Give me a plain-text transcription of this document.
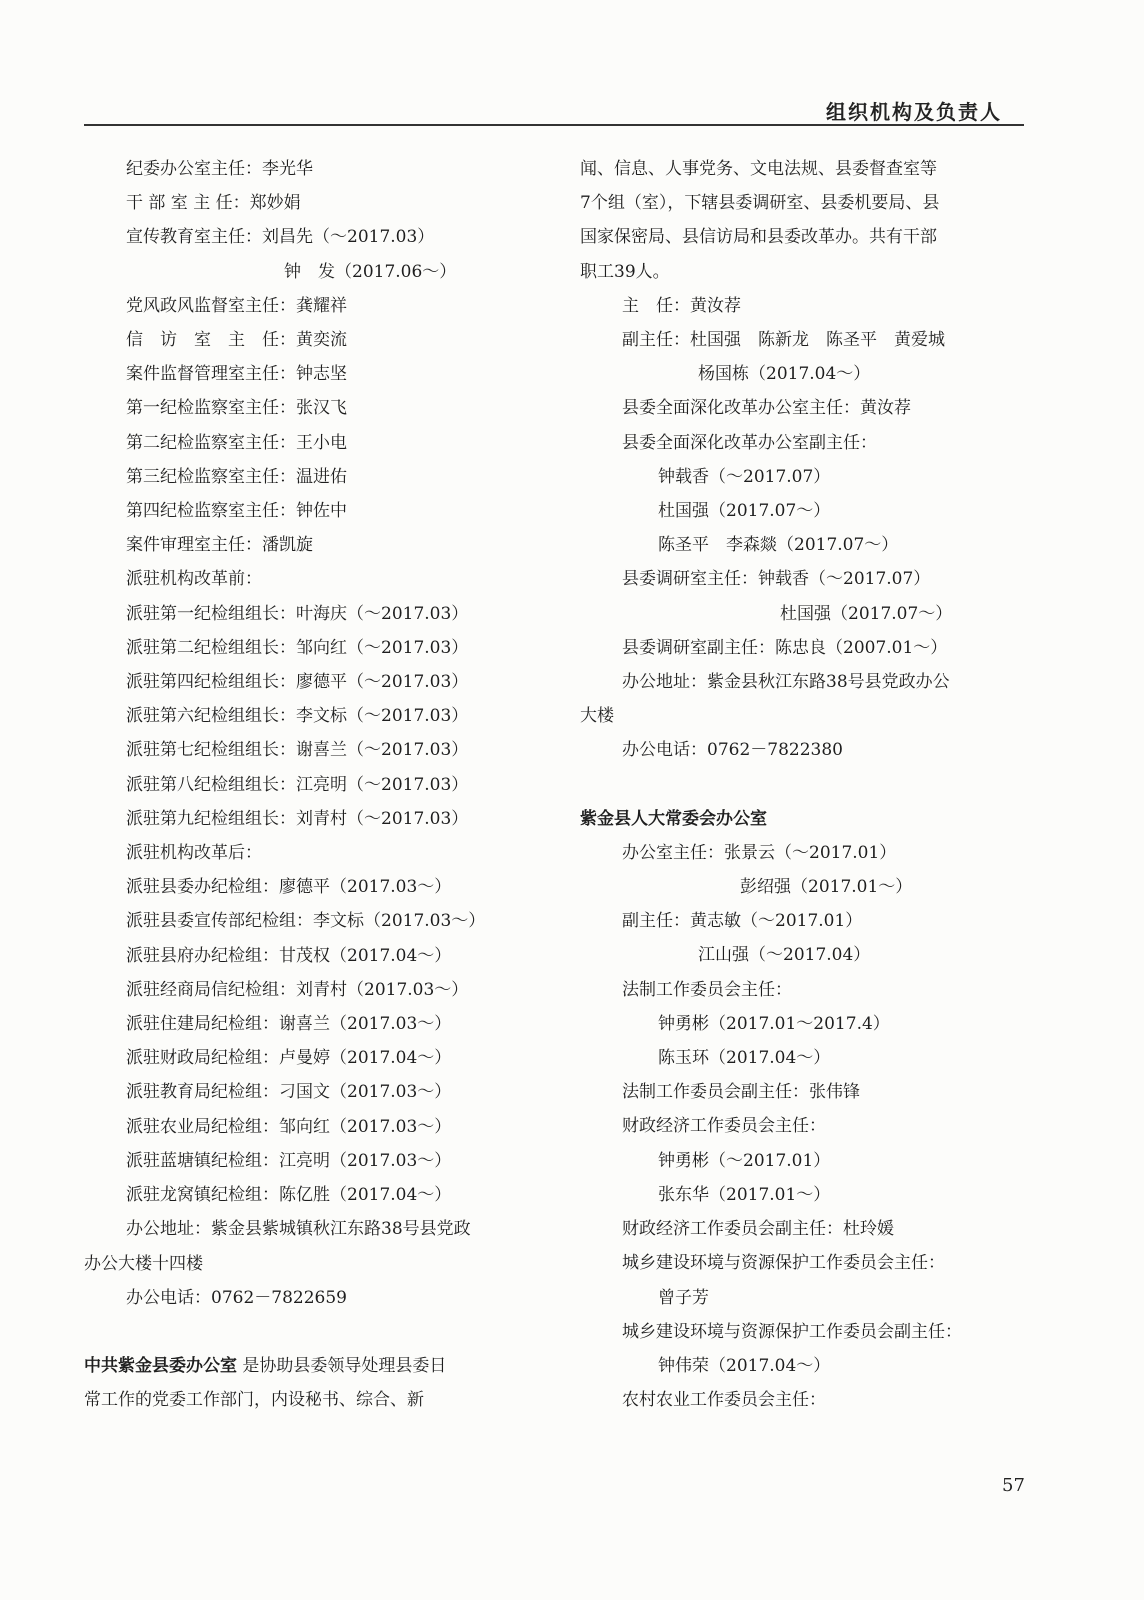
组织机构及负责人
纪委办公室主任：李光华
干 部 室 主 任：郑妙娟
宣传教育室主任：刘昌先（～2017.03）
钟　发（2017.06～）
党风政风监督室主任：龚耀祥
信　访　室　主　任：黄奕流
案件监督管理室主任：钟志坚
第一纪检监察室主任：张汉飞
第二纪检监察室主任：王小电
第三纪检监察室主任：温进佑
第四纪检监察室主任：钟佐中
案件审理室主任：潘凯旋
派驻机构改革前：
派驻第一纪检组组长：叶海庆（～2017.03）
派驻第二纪检组组长：邹向红（～2017.03）
派驻第四纪检组组长：廖德平（～2017.03）
派驻第六纪检组组长：李文标（～2017.03）
派驻第七纪检组组长：谢喜兰（～2017.03）
派驻第八纪检组组长：江亮明（～2017.03）
派驻第九纪检组组长：刘青村（～2017.03）
派驻机构改革后：
派驻县委办纪检组：廖德平（2017.03～）
派驻县委宣传部纪检组：李文标（2017.03～）
派驻县府办纪检组：甘茂权（2017.04～）
派驻经商局信纪检组：刘青村（2017.03～）
派驻住建局纪检组：谢喜兰（2017.03～）
派驻财政局纪检组：卢曼婷（2017.04～）
派驻教育局纪检组：刁国文（2017.03～）
派驻农业局纪检组：邹向红（2017.03～）
派驻蓝塘镇纪检组：江亮明（2017.03～）
派驻龙窝镇纪检组：陈亿胜（2017.04～）
办公地址：紫金县紫城镇秋江东路38号县党政
办公大楼十四楼
办公电话：0762－7822659
中共紫金县委办公室 是协助县委领导处理县委日
常工作的党委工作部门，内设秘书、综合、新
闻、信息、人事党务、文电法规、县委督查室等
7个组（室），下辖县委调研室、县委机要局、县
国家保密局、县信访局和县委改革办。共有干部
职工39人。
主　任：黄汝荐
副主任：杜国强　陈新龙　陈圣平　黄爱城
杨国栋（2017.04～）
县委全面深化改革办公室主任：黄汝荐
县委全面深化改革办公室副主任：
钟载香（～2017.07）
杜国强（2017.07～）
陈圣平　李森燚（2017.07～）
县委调研室主任：钟载香（～2017.07）
杜国强（2017.07～）
县委调研室副主任：陈忠良（2007.01～）
办公地址：紫金县秋江东路38号县党政办公
大楼
办公电话：0762－7822380
紫金县人大常委会办公室
办公室主任：张景云（～2017.01）
彭绍强（2017.01～）
副主任：黄志敏（～2017.01）
江山强（～2017.04）
法制工作委员会主任：
钟勇彬（2017.01～2017.4）
陈玉环（2017.04～）
法制工作委员会副主任：张伟锋
财政经济工作委员会主任：
钟勇彬（～2017.01）
张东华（2017.01～）
财政经济工作委员会副主任：杜玲媛
城乡建设环境与资源保护工作委员会主任：
曾子芳
城乡建设环境与资源保护工作委员会副主任：
钟伟荣（2017.04～）
农村农业工作委员会主任：
57
